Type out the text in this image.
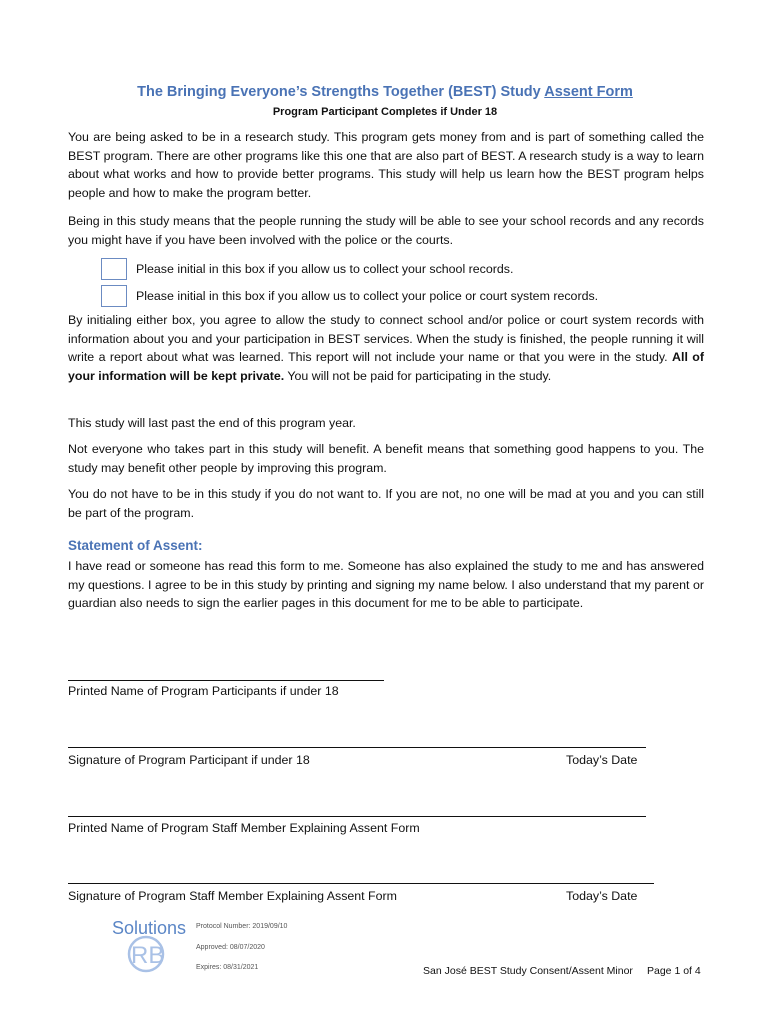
The Bringing Everyone’s Strengths Together (BEST) Study Assent Form
Program Participant Completes if Under 18
You are being asked to be in a research study. This program gets money from and is part of something called the BEST program. There are other programs like this one that are also part of BEST. A research study is a way to learn about what works and how to provide better programs. This study will help us learn how the BEST program helps people and how to make the program better.
Being in this study means that the people running the study will be able to see your school records and any records you might have if you have been involved with the police or the courts.
Please initial in this box if you allow us to collect your school records.
Please initial in this box if you allow us to collect your police or court system records.
By initialing either box, you agree to allow the study to connect school and/or police or court system records with information about you and your participation in BEST services. When the study is finished, the people running it will write a report about what was learned. This report will not include your name or that you were in the study. All of your information will be kept private. You will not be paid for participating in the study.
This study will last past the end of this program year.
Not everyone who takes part in this study will benefit. A benefit means that something good happens to you. The study may benefit other people by improving this program.
You do not have to be in this study if you do not want to. If you are not, no one will be mad at you and you can still be part of the program.
Statement of Assent:
I have read or someone has read this form to me. Someone has also explained the study to me and has answered my questions. I agree to be in this study by printing and signing my name below. I also understand that my parent or guardian also needs to sign the earlier pages in this document for me to be able to participate.
Printed Name of Program Participants if under 18
Signature of Program Participant if under 18	Today’s Date
Printed Name of Program Staff Member Explaining Assent Form
Signature of Program Staff Member Explaining Assent Form	Today’s Date
Solutions
RB
Protocol Number: 2019/09/10
Approved: 08/07/2020
Expires: 08/31/2021	San José BEST Study Consent/Assent Minor Page 1 of 4
